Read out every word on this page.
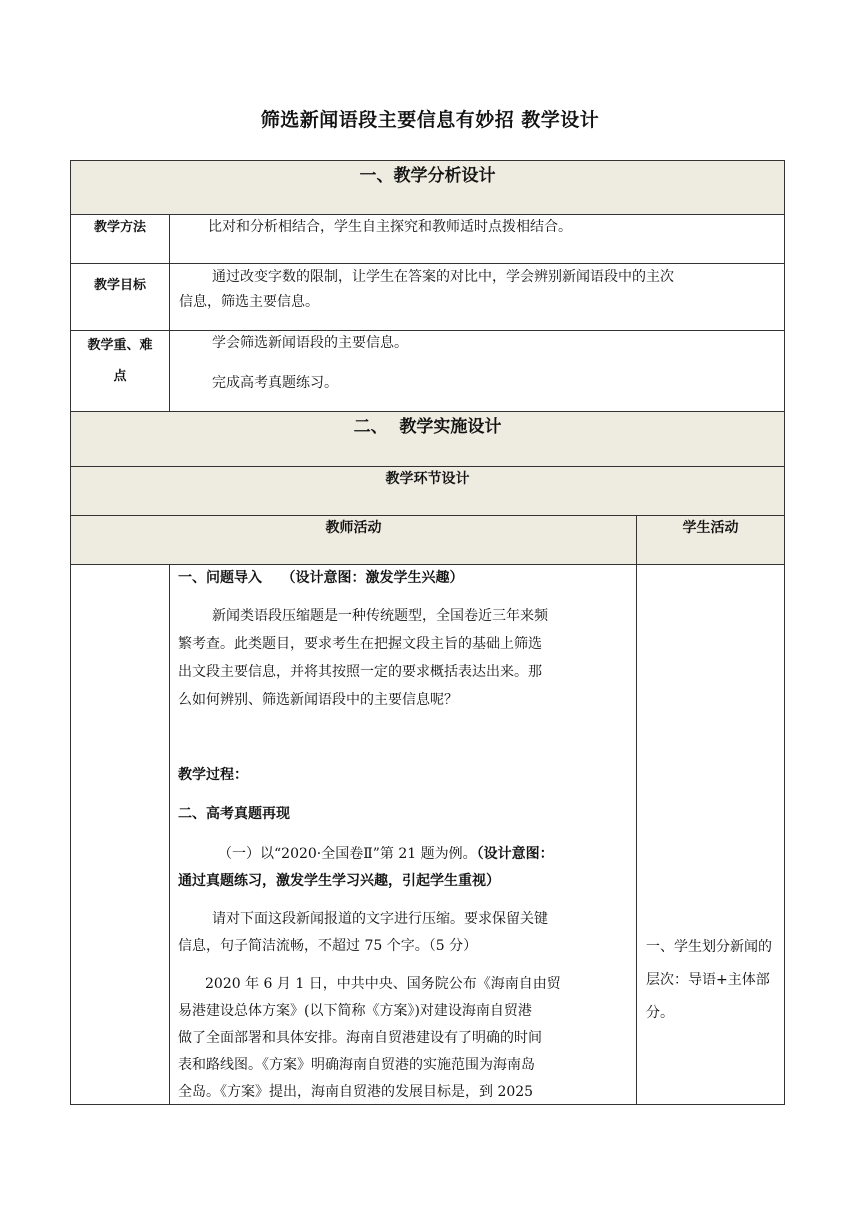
筛选新闻语段主要信息有妙招 教学设计
一、教学分析设计
教学方法	比对和分析相结合，学生自主探究和教师适时点拨相结合。
教学目标
通过改变字数的限制，让学生在答案的对比中，学会辨别新闻语段中的主次
信息，筛选主要信息。
教学重、难
点
学会筛选新闻语段的主要信息。
完成高考真题练习。
二、  教学实施设计
教学环节设计
教师活动	学生活动
一、问题导入    （设计意图：激发学生兴趣）
新闻类语段压缩题是一种传统题型，全国卷近三年来频
繁考查。此类题目，要求考生在把握文段主旨的基础上筛选
出文段主要信息，并将其按照一定的要求概括表达出来。那
么如何辨别、筛选新闻语段中的主要信息呢？
教学过程：
二、高考真题再现
（一）以“2020·全国卷Ⅱ”第 21 题为例。（设计意图：
通过真题练习，激发学生学习兴趣，引起学生重视）
请对下面这段新闻报道的文字进行压缩。要求保留关键
信息，句子简洁流畅，不超过 75 个字。（5 分）
2020 年 6 月 1 日，中共中央、国务院公布《海南自由贸
易港建设总体方案》(以下简称《方案》)对建设海南自贸港
做了全面部署和具体安排。海南自贸港建设有了明确的时间
表和路线图。《方案》明确海南自贸港的实施范围为海南岛
全岛。《方案》提出，海南自贸港的发展目标是，到 2025
一、学生划分新闻的
层次：导语+主体部
分。
